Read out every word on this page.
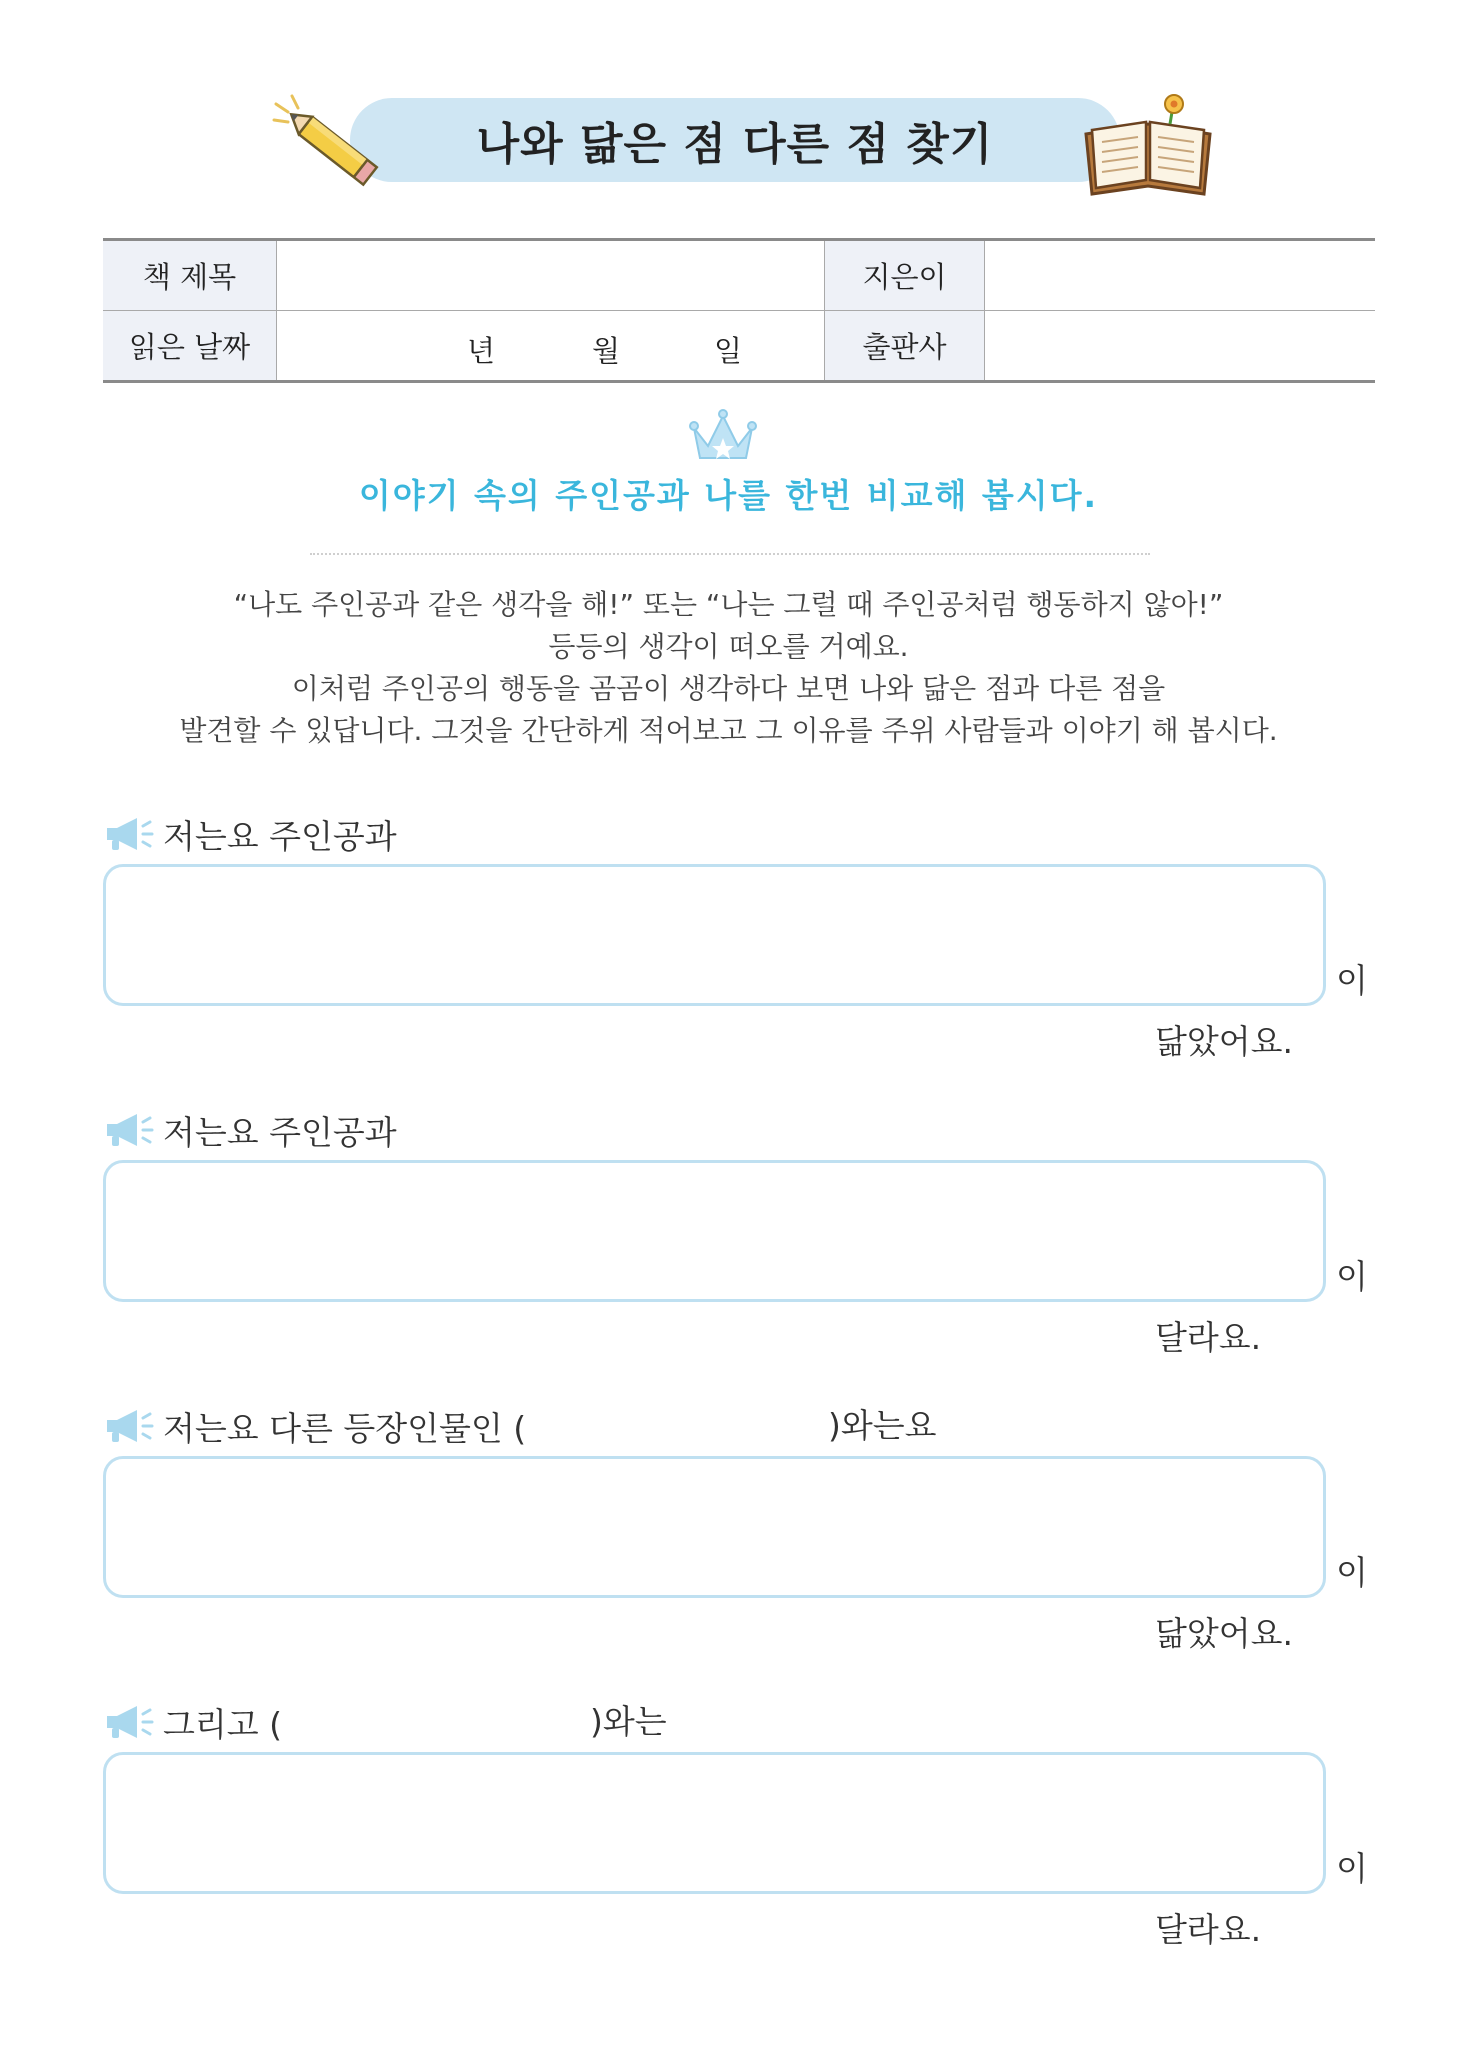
나와 닮은 점 다른 점 찾기
책 제목		지은이	
읽은 날짜	년 월 일	출판사	
이야기 속의 주인공과 나를 한번 비교해 봅시다.
“나도 주인공과 같은 생각을 해!” 또는 “나는 그럴 때 주인공처럼 행동하지 않아!”
등등의 생각이 떠오를 거예요.
이처럼 주인공의 행동을 곰곰이 생각하다 보면 나와 닮은 점과 다른 점을
발견할 수 있답니다. 그것을 간단하게 적어보고 그 이유를 주위 사람들과 이야기 해 봅시다.
저는요 주인공과
이
닮았어요.
저는요 주인공과
이
달라요.
저는요 다른 등장인물인 (	)와는요
이
닮았어요.
그리고 (	)와는
이
달라요.
